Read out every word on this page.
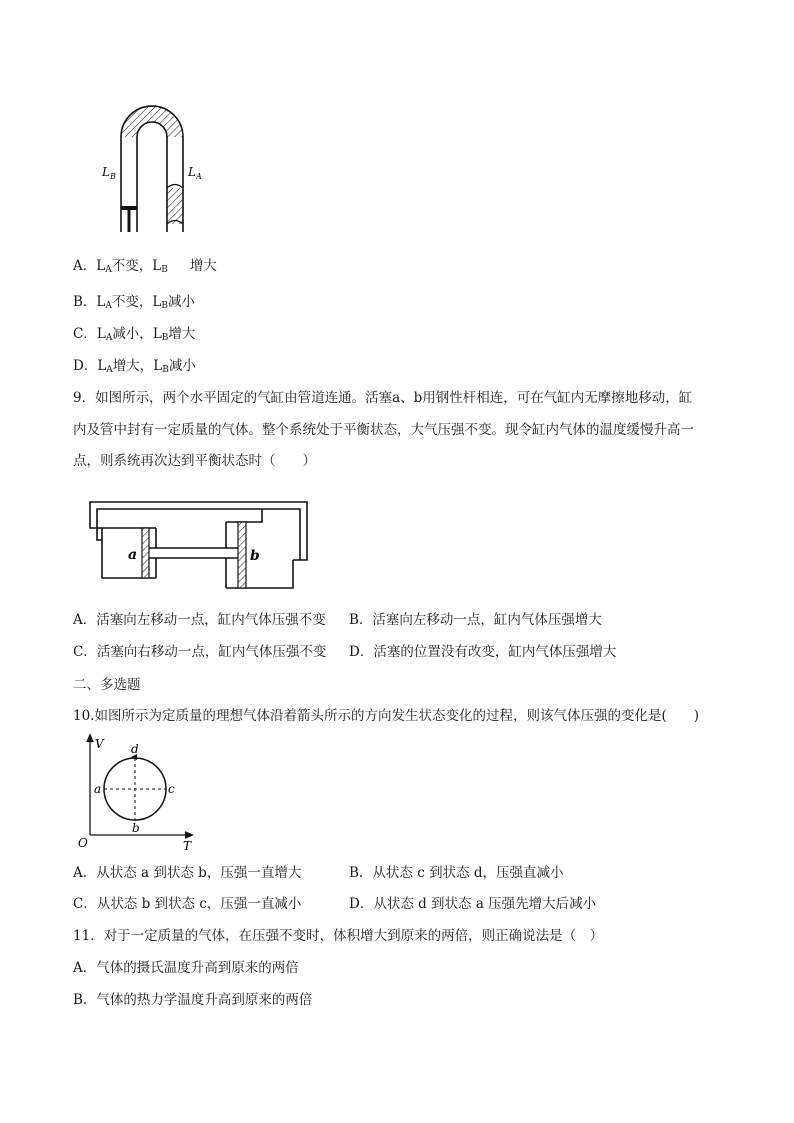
$L_B$	$L_A$
A．$L_A$不变，$L_B$ 增大
B．$L_A$不变，$L_B$减小
C．$L_A$减小，$L_B$增大
D．$L_A$增大，$L_B$减小
9．如图所示，两个水平固定的气缸由管道连通。活塞a、b用钢性杆相连，可在气缸内无摩擦地移动，缸
内及管中封有一定质量的气体。整个系统处于平衡状态，大气压强不变。现令缸内气体的温度缓慢升高一
点，则系统再次达到平衡状态时（　　）
a	b
A．活塞向左移动一点，缸内气体压强不变 B．活塞向左移动一点，缸内气体压强增大
C．活塞向右移动一点，缸内气体压强不变 D．活塞的位置没有改变，缸内气体压强增大
二、多选题
10.如图所示为定质量的理想气体沿着箭头所示的方向发生状态变化的过程，则该气体压强的变化是(　　)
V
T
O
a
b
c
d
A．从状态 a 到状态 b，压强一直增大	B．从状态 c 到状态 d，压强直减小
C．从状态 b 到状态 c，压强一直减小	D．从状态 d 到状态 a 压强先增大后减小
11．对于一定质量的气体，在压强不变时，体积增大到原来的两倍，则正确说法是（　）
A．气体的摄氏温度升高到原来的两倍
B．气体的热力学温度升高到原来的两倍
